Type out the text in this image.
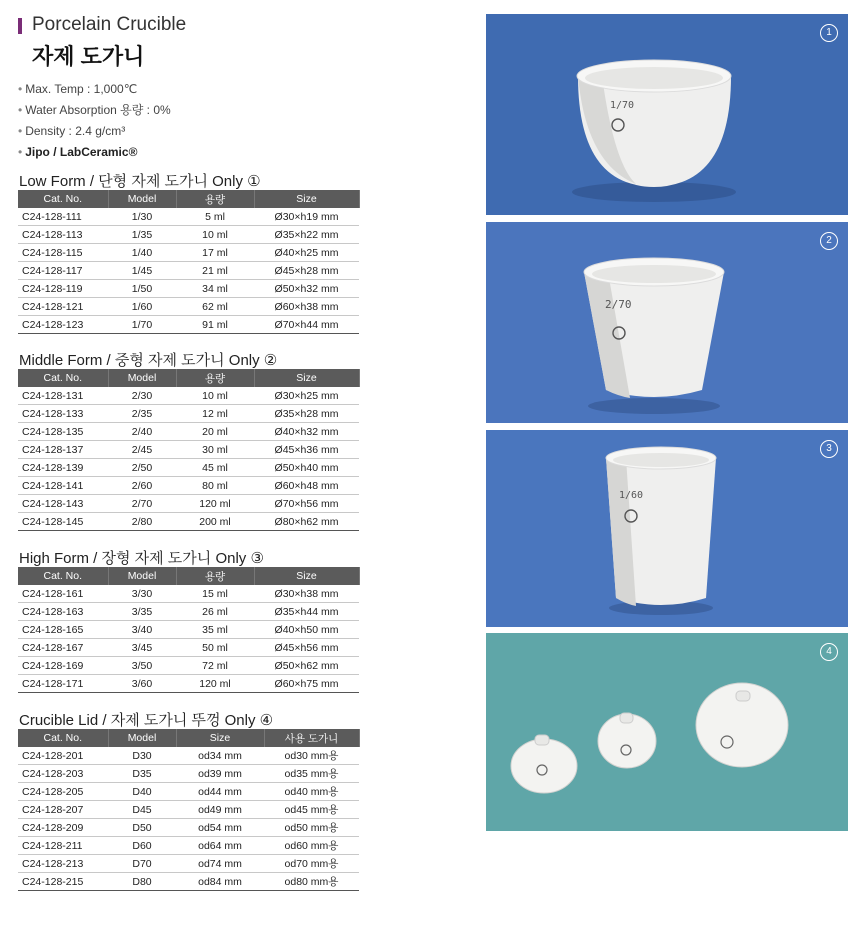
Porcelain Crucible
자제 도가니
• Max. Temp : 1,000℃
• Water Absorption 용량 : 0%
• Density : 2.4 g/cm³
• Jipo / LabCeramic®
Low Form / 단형 자제 도가니 Only ①
Cat. No.	Model	용량	Size
C24-128-111	1/30	5 ml	Ø30×h19 mm
C24-128-113	1/35	10 ml	Ø35×h22 mm
C24-128-115	1/40	17 ml	Ø40×h25 mm
C24-128-117	1/45	21 ml	Ø45×h28 mm
C24-128-119	1/50	34 ml	Ø50×h32 mm
C24-128-121	1/60	62 ml	Ø60×h38 mm
C24-128-123	1/70	91 ml	Ø70×h44 mm
Middle Form / 중형 자제 도가니 Only ②
Cat. No.	Model	용량	Size
C24-128-131	2/30	10 ml	Ø30×h25 mm
C24-128-133	2/35	12 ml	Ø35×h28 mm
C24-128-135	2/40	20 ml	Ø40×h32 mm
C24-128-137	2/45	30 ml	Ø45×h36 mm
C24-128-139	2/50	45 ml	Ø50×h40 mm
C24-128-141	2/60	80 ml	Ø60×h48 mm
C24-128-143	2/70	120 ml	Ø70×h56 mm
C24-128-145	2/80	200 ml	Ø80×h62 mm
High Form / 장형 자제 도가니 Only ③
Cat. No.	Model	용량	Size
C24-128-161	3/30	15 ml	Ø30×h38 mm
C24-128-163	3/35	26 ml	Ø35×h44 mm
C24-128-165	3/40	35 ml	Ø40×h50 mm
C24-128-167	3/45	50 ml	Ø45×h56 mm
C24-128-169	3/50	72 ml	Ø50×h62 mm
C24-128-171	3/60	120 ml	Ø60×h75 mm
Crucible Lid / 자제 도가니 뚜껑 Only ④
Cat. No.	Model	Size	사용 도가니
C24-128-201	D30	od34 mm	od30 mm용
C24-128-203	D35	od39 mm	od35 mm용
C24-128-205	D40	od44 mm	od40 mm용
C24-128-207	D45	od49 mm	od45 mm용
C24-128-209	D50	od54 mm	od50 mm용
C24-128-211	D60	od64 mm	od60 mm용
C24-128-213	D70	od74 mm	od70 mm용
C24-128-215	D80	od84 mm	od80 mm용
1/70
1
2/70
2
1/60
3
4
